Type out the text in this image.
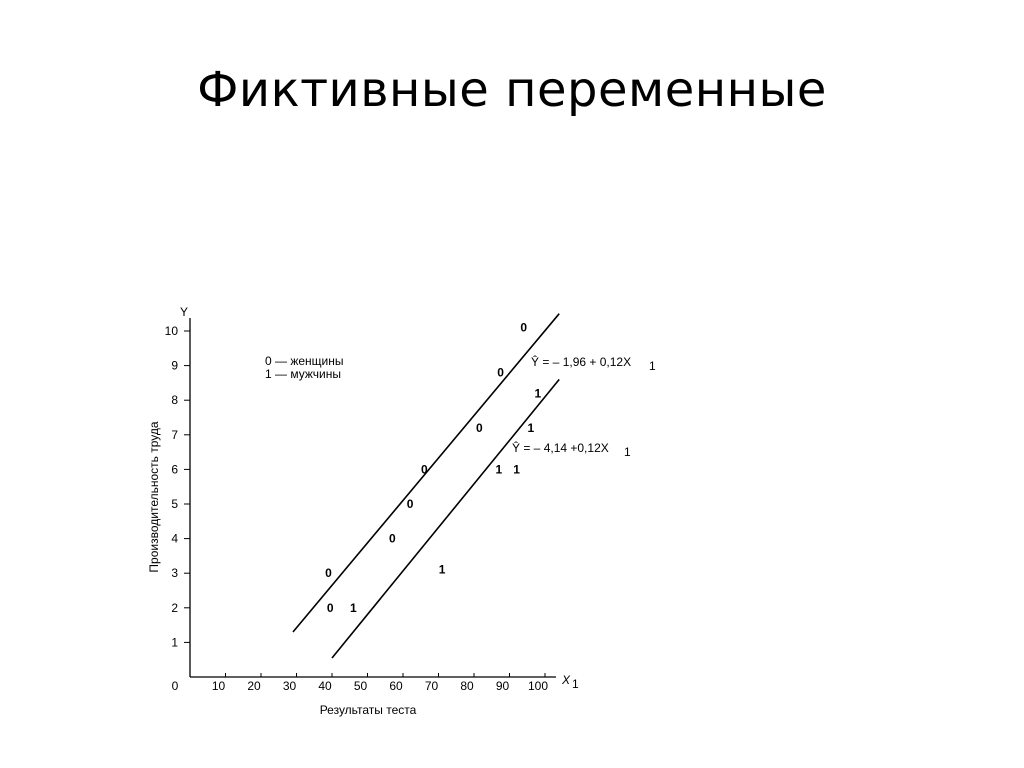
Фиктивные переменные
0	10 20 30 40 50 60 70 80 90 100
1
2
3
4
5
6
7
8
9
10
0
0
0
0
0
0
0
0
1
1
1 1
1
1
Y
X 1
Результаты теста
Производительность труда
0 — женщины
1 — мужчины
Ŷ = – 1,96 + 0,12X 1
Ŷ = – 4,14 +0,12X 1
